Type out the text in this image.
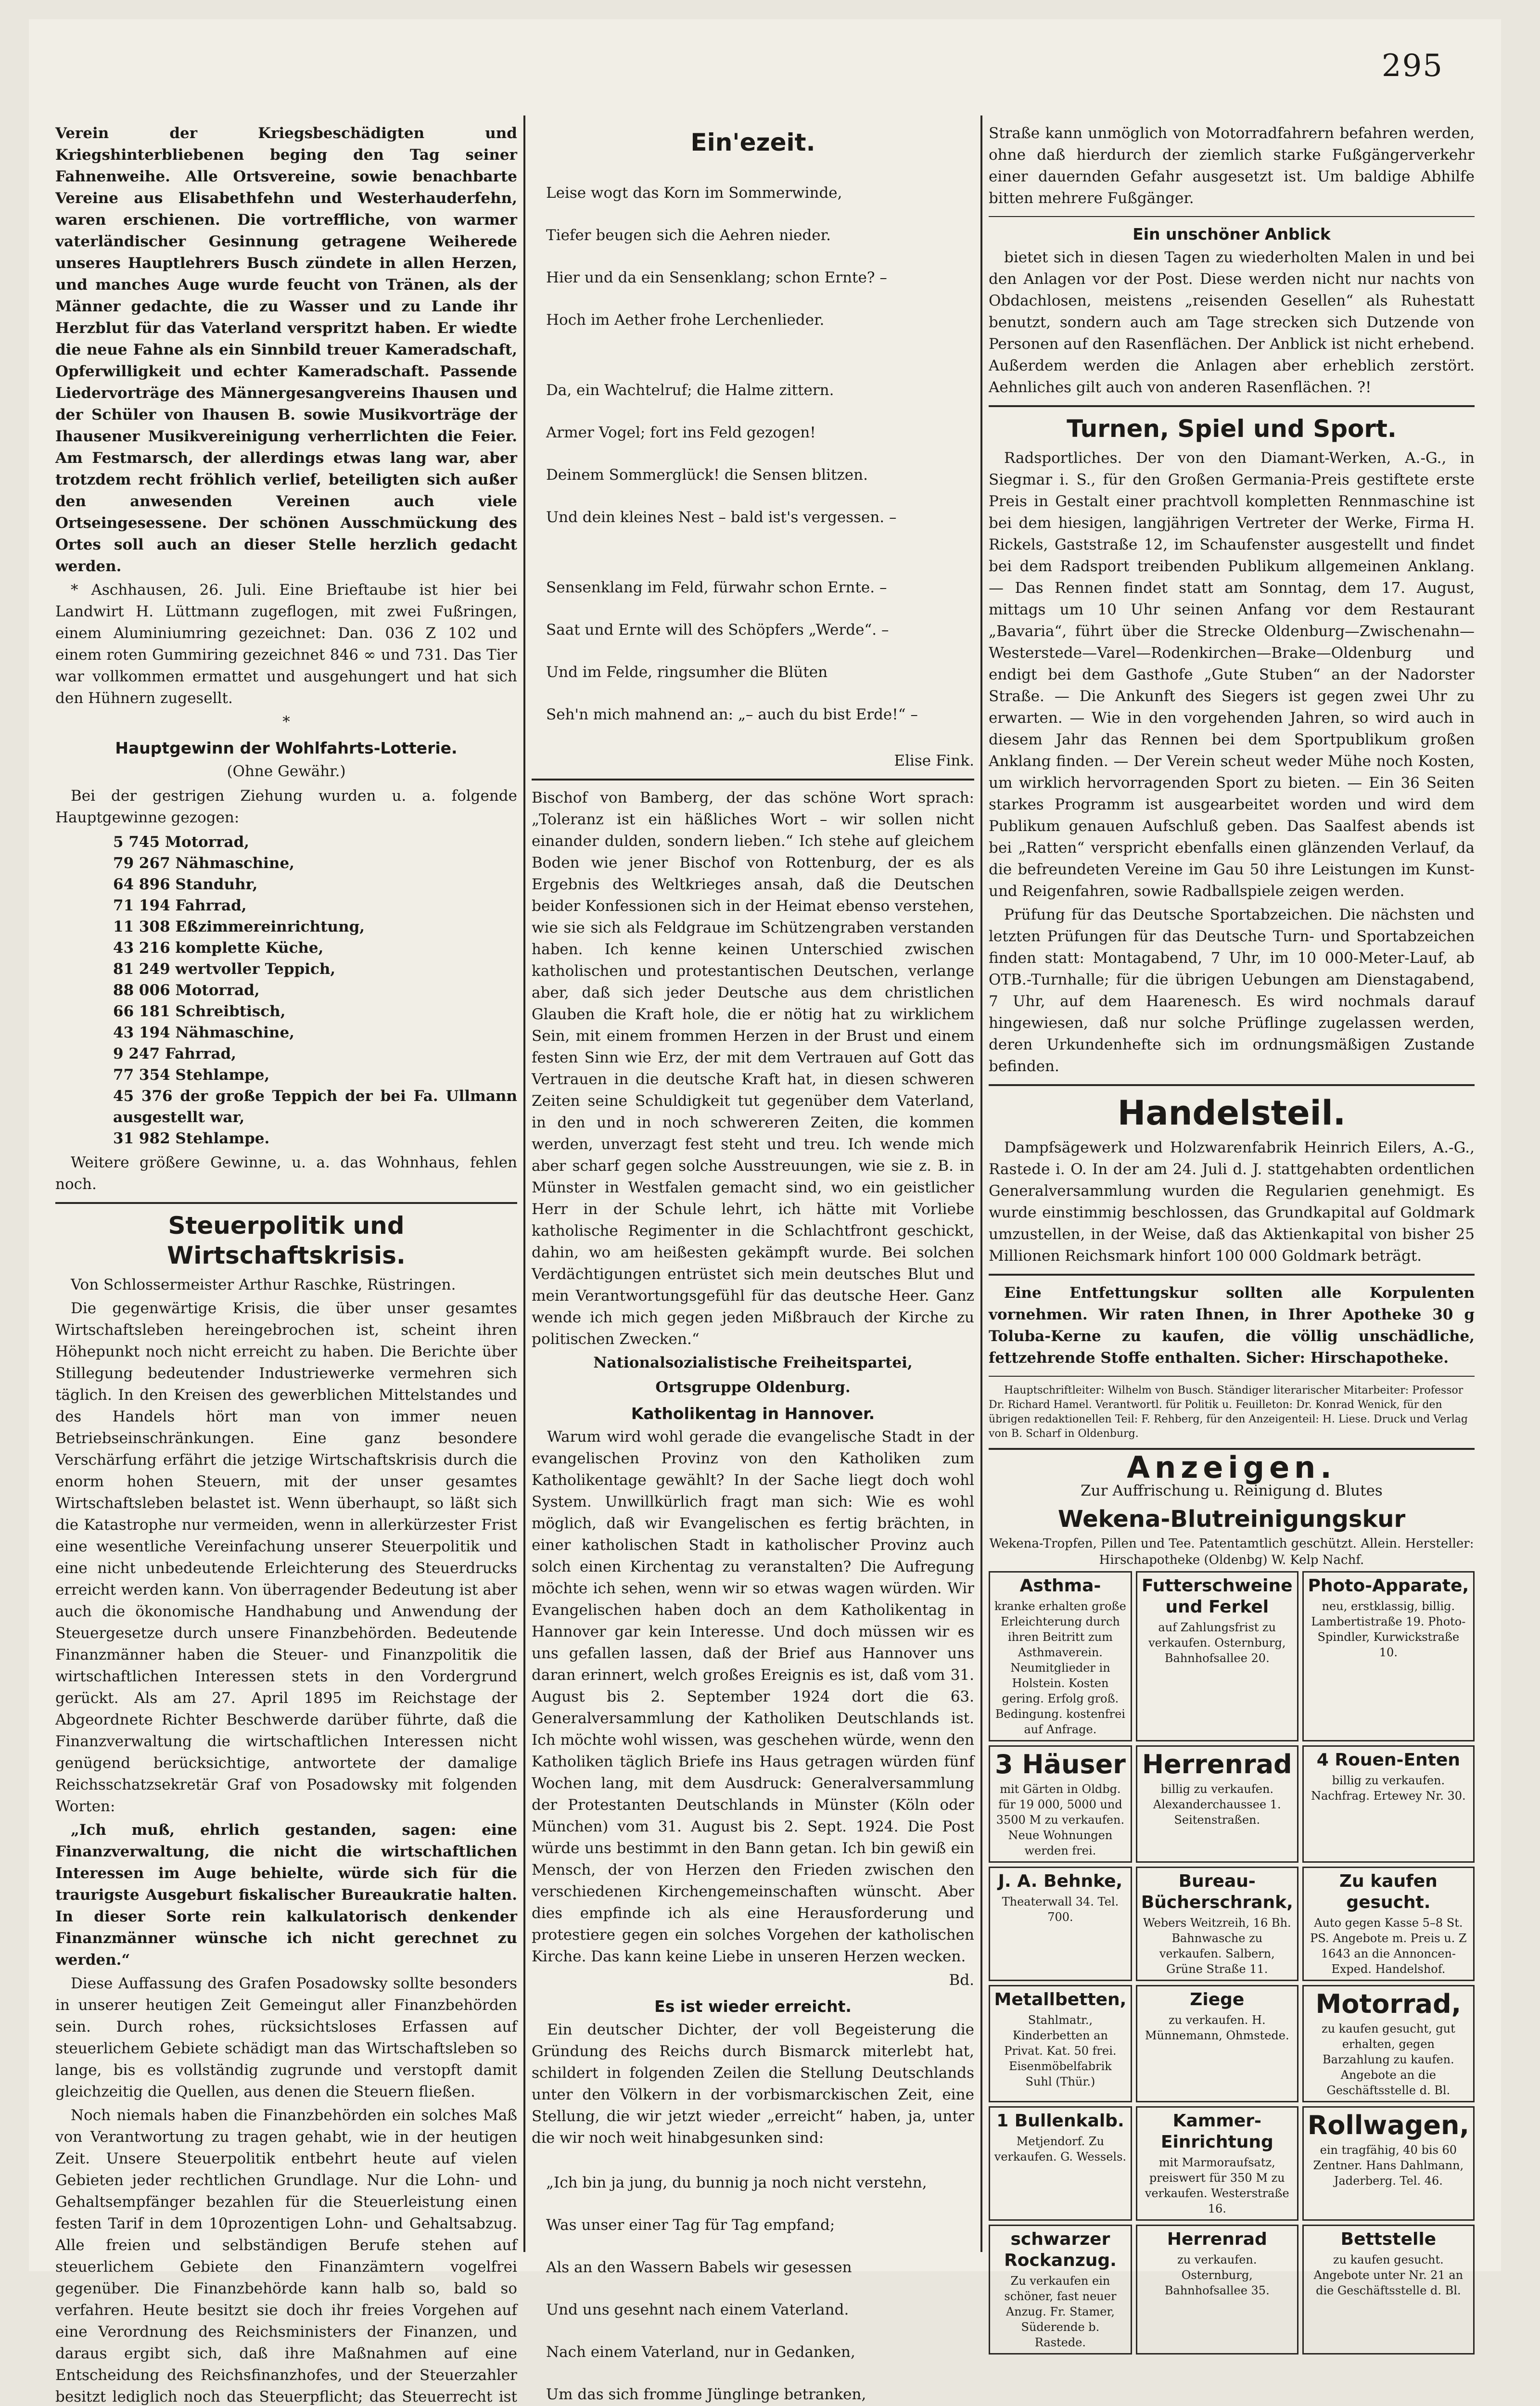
295

Verein der Kriegsbeschädigten und Kriegshinterbliebenen beging den Tag seiner Fahnenweihe. Alle Ortsvereine, sowie benachbarte Vereine aus Elisabethfehn und Westerhauderfehn, waren erschienen. Die vortreffliche, von warmer vaterländischer Gesinnung getragene Weiherede unseres Hauptlehrers Busch zündete in allen Herzen, und manches Auge wurde feucht von Tränen, als der Männer gedachte, die zu Wasser und zu Lande ihr Herzblut für das Vaterland verspritzt haben. Er wiedte die neue Fahne als ein Sinnbild treuer Kameradschaft, Opferwilligkeit und echter Kameradschaft. Passende Liedervorträge des Männergesangvereins Ihausen und der Schüler von Ihausen B. sowie Musikvorträge der Ihausener Musikvereinigung verherrlichten die Feier. Am Festmarsch, der allerdings etwas lang war, aber trotzdem recht fröhlich verlief, beteiligten sich außer den anwesenden Vereinen auch viele Ortseingesessene. Der schönen Ausschmückung des Ortes soll auch an dieser Stelle herzlich gedacht werden.

* Aschhausen, 26. Juli. Eine Brieftaube ist hier bei Landwirt H. Lüttmann zugeflogen, mit zwei Fußringen, einem Aluminiumring gezeichnet: Dan. 036 Z 102 und einem roten Gummiring gezeichnet 846 ∞ und 731. Das Tier war vollkommen ermattet und ausgehungert und hat sich den Hühnern zugesellt.

*
Hauptgewinn der Wohlfahrts-Lotterie.
(Ohne Gewähr.)

Bei der gestrigen Ziehung wurden u. a. folgende Hauptgewinne gezogen:

5 745 Motorrad,
79 267 Nähmaschine,
64 896 Standuhr,
71 194 Fahrrad,
11 308 Eßzimmereinrichtung,
43 216 komplette Küche,
81 249 wertvoller Teppich,
88 006 Motorrad,
66 181 Schreibtisch,
43 194 Nähmaschine,
9 247 Fahrrad,
77 354 Stehlampe,
45 376 der große Teppich der bei Fa. Ullmann ausgestellt war,
31 982 Stehlampe.

Weitere größere Gewinne, u. a. das Wohnhaus, fehlen noch.

Steuerpolitik und Wirtschaftskrisis.

Von Schlossermeister Arthur Raschke, Rüstringen.

Die gegenwärtige Krisis, die über unser gesamtes Wirtschaftsleben hereingebrochen ist, scheint ihren Höhepunkt noch nicht erreicht zu haben. Die Berichte über Stillegung bedeutender Industriewerke vermehren sich täglich. In den Kreisen des gewerblichen Mittelstandes und des Handels hört man von immer neuen Betriebseinschränkungen. Eine ganz besondere Verschärfung erfährt die jetzige Wirtschaftskrisis durch die enorm hohen Steuern, mit der unser gesamtes Wirtschaftsleben belastet ist. Wenn überhaupt, so läßt sich die Katastrophe nur vermeiden, wenn in allerkürzester Frist eine wesentliche Vereinfachung unserer Steuerpolitik und eine nicht unbedeutende Erleichterung des Steuerdrucks erreicht werden kann. Von überragender Bedeutung ist aber auch die ökonomische Handhabung und Anwendung der Steuergesetze durch unsere Finanzbehörden. Bedeutende Finanzmänner haben die Steuer- und Finanzpolitik die wirtschaftlichen Interessen stets in den Vordergrund gerückt. Als am 27. April 1895 im Reichstage der Abgeordnete Richter Beschwerde darüber führte, daß die Finanzverwaltung die wirtschaftlichen Interessen nicht genügend berücksichtige, antwortete der damalige Reichsschatzsekretär Graf von Posadowsky mit folgenden Worten:

„Ich muß, ehrlich gestanden, sagen: eine Finanzverwaltung, die nicht die wirtschaftlichen Interessen im Auge behielte, würde sich für die traurigste Ausgeburt fiskalischer Bureaukratie halten. In dieser Sorte rein kalkulatorisch denkender Finanzmänner wünsche ich nicht gerechnet zu werden.“

Diese Auffassung des Grafen Posadowsky sollte besonders in unserer heutigen Zeit Gemeingut aller Finanzbehörden sein. Durch rohes, rücksichtsloses Erfassen auf steuerlichem Gebiete schädigt man das Wirtschaftsleben so lange, bis es vollständig zugrunde und verstopft damit gleichzeitig die Quellen, aus denen die Steuern fließen.

Noch niemals haben die Finanzbehörden ein solches Maß von Verantwortung zu tragen gehabt, wie in der heutigen Zeit. Unsere Steuerpolitik entbehrt heute auf vielen Gebieten jeder rechtlichen Grundlage. Nur die Lohn- und Gehaltsempfänger bezahlen für die Steuerleistung einen festen Tarif in dem 10prozentigen Lohn- und Gehaltsabzug. Alle freien und selbständigen Berufe stehen auf steuerlichem Gebiete den Finanzämtern vogelfrei gegenüber. Die Finanzbehörde kann halb so, bald so verfahren. Heute besitzt sie doch ihr freies Vorgehen auf eine Verordnung des Reichsministers der Finanzen, und daraus ergibt sich, daß ihre Maßnahmen auf eine Entscheidung des Reichsfinanzhofes, und der Steuerzahler besitzt lediglich noch das Steuerpflicht; das Steuerrecht ist

Ein'ezeit.

Leise wogt das Korn im Sommerwinde,

Tiefer beugen sich die Aehren nieder.

Hier und da ein Sensenklang; schon Ernte? –

Hoch im Aether frohe Lerchenlieder.

Da, ein Wachtelruf; die Halme zittern.

Armer Vogel; fort ins Feld gezogen!

Deinem Sommerglück! die Sensen blitzen.

Und dein kleines Nest – bald ist's vergessen. –

Sensenklang im Feld, fürwahr schon Ernte. –

Saat und Ernte will des Schöpfers „Werde“. –

Und im Felde, ringsumher die Blüten

Seh'n mich mahnend an: „– auch du bist Erde!“ –

Elise Fink.

Bischof von Bamberg, der das schöne Wort sprach: „Toleranz ist ein häßliches Wort – wir sollen nicht einander dulden, sondern lieben.“ Ich stehe auf gleichem Boden wie jener Bischof von Rottenburg, der es als Ergebnis des Weltkrieges ansah, daß die Deutschen beider Konfessionen sich in der Heimat ebenso verstehen, wie sie sich als Feldgraue im Schützengraben verstanden haben. Ich kenne keinen Unterschied zwischen katholischen und protestantischen Deutschen, verlange aber, daß sich jeder Deutsche aus dem christlichen Glauben die Kraft hole, die er nötig hat zu wirklichem Sein, mit einem frommen Herzen in der Brust und einem festen Sinn wie Erz, der mit dem Vertrauen auf Gott das Vertrauen in die deutsche Kraft hat, in diesen schweren Zeiten seine Schuldigkeit tut gegenüber dem Vaterland, in den und in noch schwereren Zeiten, die kommen werden, unverzagt fest steht und treu. Ich wende mich aber scharf gegen solche Ausstreuungen, wie sie z. B. in Münster in Westfalen gemacht sind, wo ein geistlicher Herr in der Schule lehrt, ich hätte mit Vorliebe katholische Regimenter in die Schlachtfront geschickt, dahin, wo am heißesten gekämpft wurde. Bei solchen Verdächtigungen entrüstet sich mein deutsches Blut und mein Verantwortungsgefühl für das deutsche Heer. Ganz wende ich mich gegen jeden Mißbrauch der Kirche zu politischen Zwecken.“

Nationalsozialistische Freiheitspartei,
Ortsgruppe Oldenburg.
Katholikentag in Hannover.

Warum wird wohl gerade die evangelische Stadt in der evangelischen Provinz von den Katholiken zum Katholikentage gewählt? In der Sache liegt doch wohl System. Unwillkürlich fragt man sich: Wie es wohl möglich, daß wir Evangelischen es fertig brächten, in einer katholischen Stadt in katholischer Provinz auch solch einen Kirchentag zu veranstalten? Die Aufregung möchte ich sehen, wenn wir so etwas wagen würden. Wir Evangelischen haben doch an dem Katholikentag in Hannover gar kein Interesse. Und doch müssen wir es uns gefallen lassen, daß der Brief aus Hannover uns daran erinnert, welch großes Ereignis es ist, daß vom 31. August bis 2. September 1924 dort die 63. Generalversammlung der Katholiken Deutschlands ist. Ich möchte wohl wissen, was geschehen würde, wenn den Katholiken täglich Briefe ins Haus getragen würden fünf Wochen lang, mit dem Ausdruck: Generalversammlung der Protestanten Deutschlands in Münster (Köln oder München) vom 31. August bis 2. Sept. 1924. Die Post würde uns bestimmt in den Bann getan. Ich bin gewiß ein Mensch, der von Herzen den Frieden zwischen den verschiedenen Kirchengemeinschaften wünscht. Aber dies empfinde ich als eine Herausforderung und protestiere gegen ein solches Vorgehen der katholischen Kirche. Das kann keine Liebe in unseren Herzen wecken.

Bd.
Es ist wieder erreicht.

Ein deutscher Dichter, der voll Begeisterung die Gründung des Reichs durch Bismarck miterlebt hat, schildert in folgenden Zeilen die Stellung Deutschlands unter den Völkern in der vorbismarckischen Zeit, eine Stellung, die wir jetzt wieder „erreicht“ haben, ja, unter die wir noch weit hinabgesunken sind:

„Ich bin ja jung, du bunnig ja noch nicht verstehn,

Was unser einer Tag für Tag empfand;

Als an den Wassern Babels wir gesessen

Und uns gesehnt nach einem Vaterland.

Nach einem Vaterland, nur in Gedanken,

Um das sich fromme Jünglinge betranken,

Straße kann unmöglich von Motorradfahrern befahren werden, ohne daß hierdurch der ziemlich starke Fußgängerverkehr einer dauernden Gefahr ausgesetzt ist. Um baldige Abhilfe bitten mehrere Fußgänger.

Ein unschöner Anblick

bietet sich in diesen Tagen zu wiederholten Malen in und bei den Anlagen vor der Post. Diese werden nicht nur nachts von Obdachlosen, meistens „reisenden Gesellen“ als Ruhestatt benutzt, sondern auch am Tage strecken sich Dutzende von Personen auf den Rasenflächen. Der Anblick ist nicht erhebend. Außerdem werden die Anlagen aber erheblich zerstört. Aehnliches gilt auch von anderen Rasenflächen. ?!

Turnen, Spiel und Sport.

Radsportliches. Der von den Diamant-Werken, A.-G., in Siegmar i. S., für den Großen Germania-Preis gestiftete erste Preis in Gestalt einer prachtvoll kompletten Rennmaschine ist bei dem hiesigen, langjährigen Vertreter der Werke, Firma H. Rickels, Gaststraße 12, im Schaufenster ausgestellt und findet bei dem Radsport treibenden Publikum allgemeinen Anklang. — Das Rennen findet statt am Sonntag, dem 17. August, mittags um 10 Uhr seinen Anfang vor dem Restaurant „Bavaria“, führt über die Strecke Oldenburg—Zwischenahn—Westerstede—Varel—Rodenkirchen—Brake—Oldenburg und endigt bei dem Gasthofe „Gute Stuben“ an der Nadorster Straße. — Die Ankunft des Siegers ist gegen zwei Uhr zu erwarten. — Wie in den vorgehenden Jahren, so wird auch in diesem Jahr das Rennen bei dem Sportpublikum großen Anklang finden. — Der Verein scheut weder Mühe noch Kosten, um wirklich hervorragenden Sport zu bieten. — Ein 36 Seiten starkes Programm ist ausgearbeitet worden und wird dem Publikum genauen Aufschluß geben. Das Saalfest abends ist bei „Ratten“ verspricht ebenfalls einen glänzenden Verlauf, da die befreundeten Vereine im Gau 50 ihre Leistungen im Kunst- und Reigenfahren, sowie Radballspiele zeigen werden.

Prüfung für das Deutsche Sportabzeichen. Die nächsten und letzten Prüfungen für das Deutsche Turn- und Sportabzeichen finden statt: Montagabend, 7 Uhr, im 10 000-Meter-Lauf, ab OTB.-Turnhalle; für die übrigen Uebungen am Dienstagabend, 7 Uhr, auf dem Haarenesch. Es wird nochmals darauf hingewiesen, daß nur solche Prüflinge zugelassen werden, deren Urkundenhefte sich im ordnungsmäßigen Zustande befinden.

Handelsteil.

Dampfsägewerk und Holzwarenfabrik Heinrich Eilers, A.-G., Rastede i. O. In der am 24. Juli d. J. stattgehabten ordentlichen Generalversammlung wurden die Regularien genehmigt. Es wurde einstimmig beschlossen, das Grundkapital auf Goldmark umzustellen, in der Weise, daß das Aktienkapital von bisher 25 Millionen Reichsmark hinfort 100 000 Goldmark beträgt.

Eine Entfettungskur sollten alle Korpulenten vornehmen. Wir raten Ihnen, in Ihrer Apotheke 30 g Toluba-Kerne zu kaufen, die völlig unschädliche, fettzehrende Stoffe enthalten. Sicher: Hirschapotheke.

Hauptschriftleiter: Wilhelm von Busch. Ständiger literarischer Mitarbeiter: Professor Dr. Richard Hamel. Verantwortl. für Politik u. Feuilleton: Dr. Konrad Wenick, für den übrigen redaktionellen Teil: F. Rehberg, für den Anzeigenteil: H. Liese. Druck und Verlag von B. Scharf in Oldenburg.

Anzeigen.
Zur Auffrischung u. Reinigung d. Blutes
Wekena-Blutreinigungskur
Wekena-Tropfen, Pillen und Tee. Patentamtlich geschützt. Allein. Hersteller: Hirschapotheke (Oldenbg) W. Kelp Nachf.
Asthma-
kranke erhalten große Erleichterung durch ihren Beitritt zum Asthmaverein. Neumitglieder in Holstein. Kosten gering. Erfolg groß. Bedingung. kostenfrei auf Anfrage.
Futterschweine und Ferkel
auf Zahlungsfrist zu verkaufen. Osternburg, Bahnhofsallee 20.
Photo-Apparate,
neu, erstklassig, billig. Lambertistraße 19. Photo-Spindler, Kurwickstraße 10.
3 Häuser
mit Gärten in Oldbg. für 19 000, 5000 und 3500 M zu verkaufen. Neue Wohnungen werden frei.
Herrenrad
billig zu verkaufen. Alexanderchaussee 1. Seitenstraßen.
4 Rouen-Enten
billig zu verkaufen. Nachfrag. Ertewey Nr. 30.
J. A. Behnke,
Theaterwall 34. Tel. 700.
Bureau-Bücherschrank,
Webers Weitzreih, 16 Bh. Bahnwasche zu verkaufen. Salbern, Grüne Straße 11.
Zu kaufen gesucht.
Auto gegen Kasse 5–8 St. PS. Angebote m. Preis u. Z 1643 an die Annoncen-Exped. Handelshof.
Metallbetten,
Stahlmatr., Kinderbetten an Privat. Kat. 50 frei. Eisenmöbelfabrik Suhl (Thür.)
Ziege
zu verkaufen. H. Münnemann, Ohmstede.
Motorrad,
zu kaufen gesucht, gut erhalten, gegen Barzahlung zu kaufen. Angebote an die Geschäftsstelle d. Bl.
1 Bullenkalb.
Metjendorf. Zu verkaufen. G. Wessels.
Kammer-Einrichtung
mit Marmoraufsatz, preiswert für 350 M zu verkaufen. Westerstraße 16.
Rollwagen,
ein tragfähig, 40 bis 60 Zentner. Hans Dahlmann, Jaderberg. Tel. 46.
schwarzer Rockanzug.
Zu verkaufen ein schöner, fast neuer Anzug. Fr. Stamer, Süderende b. Rastede.
Herrenrad
zu verkaufen. Osternburg, Bahnhofsallee 35.
Bettstelle
zu kaufen gesucht. Angebote unter Nr. 21 an die Geschäftsstelle d. Bl.
